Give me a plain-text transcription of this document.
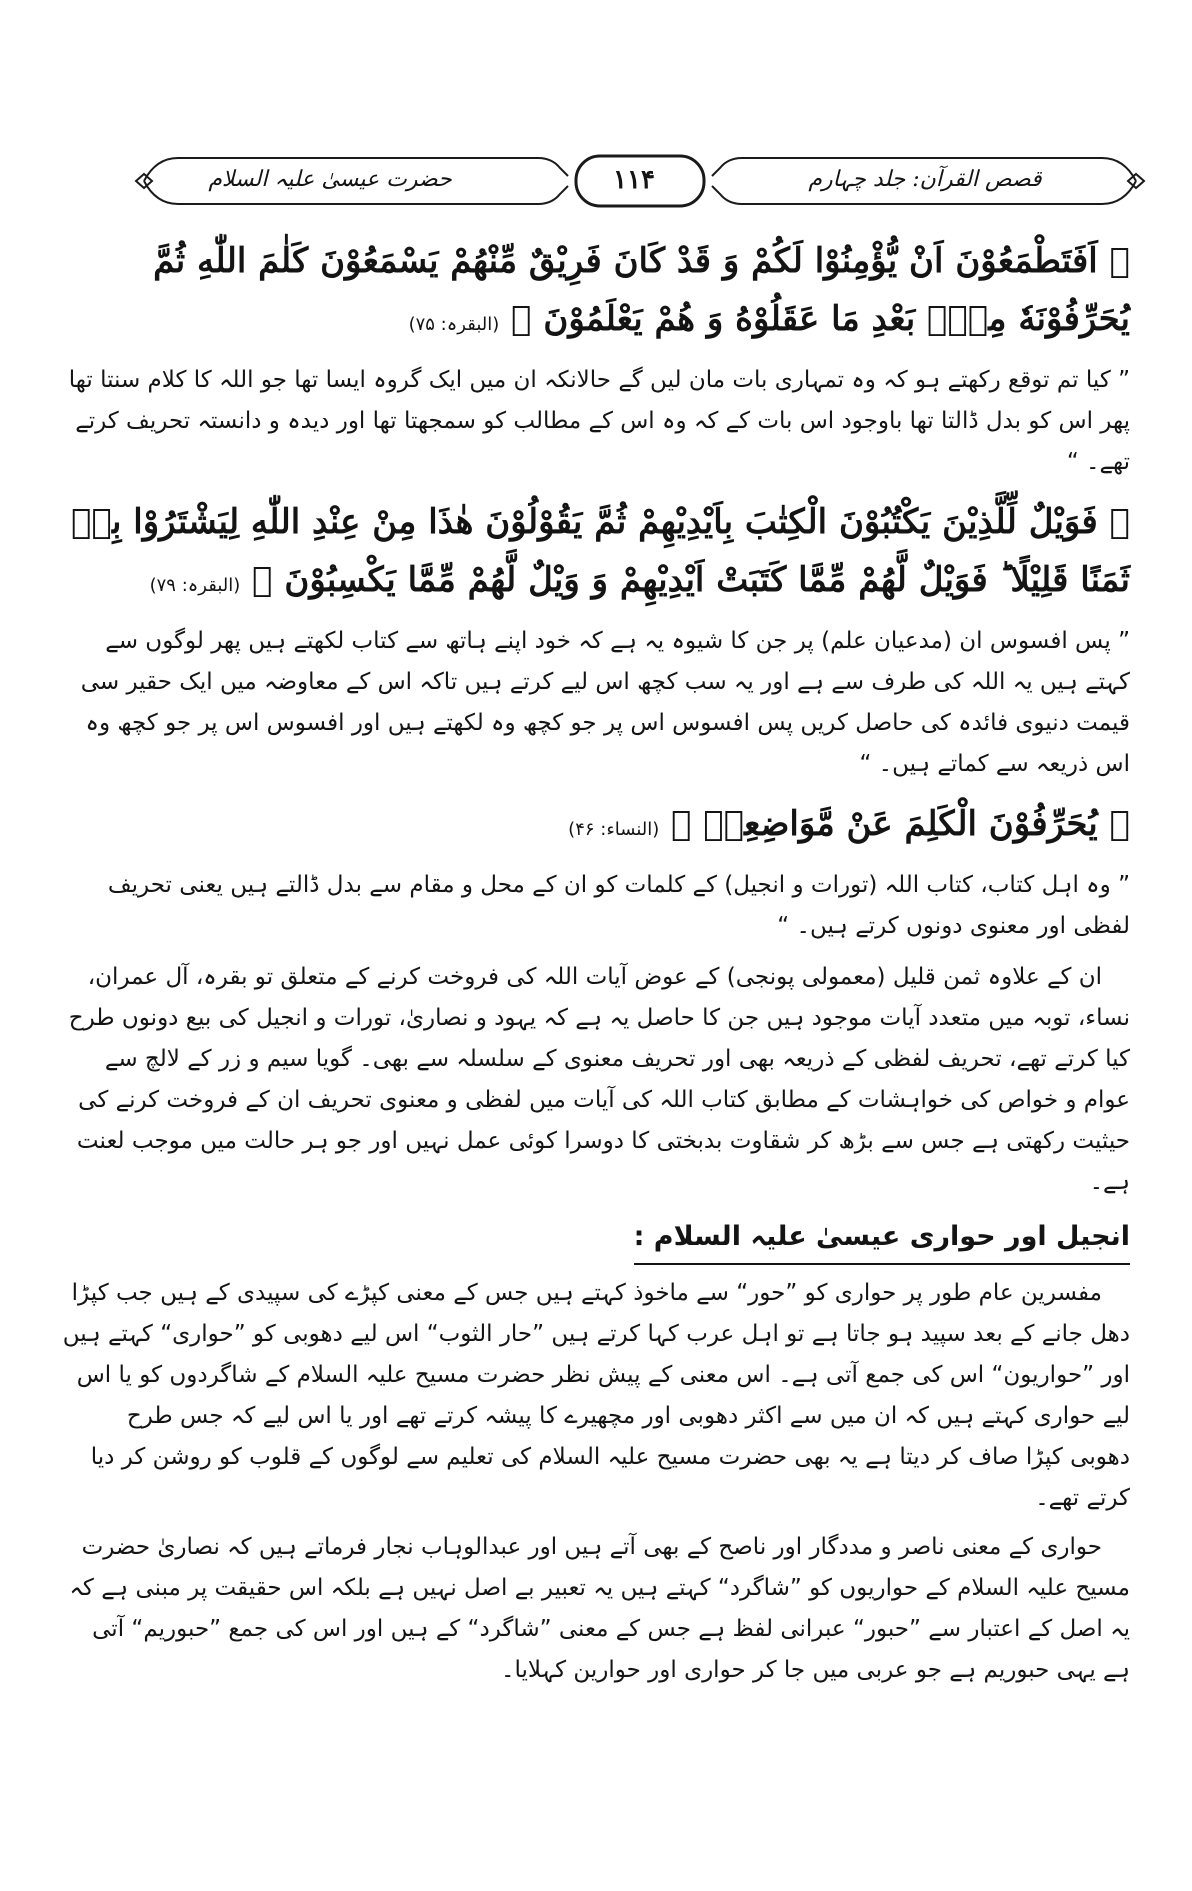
قصص القرآن: جلد چہارم
۱۱۴
حضرت عیسیٰ علیہ السلام

﴿ اَفَتَطْمَعُوْنَ اَنْ یُّؤْمِنُوْا لَكُمْ وَ قَدْ كَانَ فَرِیْقٌ مِّنْهُمْ یَسْمَعُوْنَ كَلٰمَ اللّٰهِ ثُمَّ یُحَرِّفُوْنَهٗ مِنْۢ بَعْدِ مَا عَقَلُوْهُ وَ هُمْ یَعْلَمُوْنَ ﴾ (البقرہ: ۷۵)

” کیا تم توقع رکھتے ہو کہ وہ تمہاری بات مان لیں گے حالانکہ ان میں ایک گروہ ایسا تھا جو اللہ کا کلام سنتا تھا پھر اس کو بدل ڈالتا تھا باوجود اس بات کے کہ وہ اس کے مطالب کو سمجھتا تھا اور دیدہ و دانستہ تحریف کرتے تھے۔ “

﴿ فَوَیْلٌ لِّلَّذِیْنَ یَكْتُبُوْنَ الْكِتٰبَ بِاَیْدِیْهِمْ ثُمَّ یَقُوْلُوْنَ هٰذَا مِنْ عِنْدِ اللّٰهِ لِیَشْتَرُوْا بِهٖ ثَمَنًا قَلِیْلًا ؕ فَوَیْلٌ لَّهُمْ مِّمَّا كَتَبَتْ اَیْدِیْهِمْ وَ وَیْلٌ لَّهُمْ مِّمَّا یَكْسِبُوْنَ ﴾ (البقرہ: ۷۹)

” پس افسوس ان (مدعیان علم) پر جن کا شیوہ یہ ہے کہ خود اپنے ہاتھ سے کتاب لکھتے ہیں پھر لوگوں سے کہتے ہیں یہ اللہ کی طرف سے ہے اور یہ سب کچھ اس لیے کرتے ہیں تاکہ اس کے معاوضہ میں ایک حقیر سی قیمت دنیوی فائدہ کی حاصل کریں پس افسوس اس پر جو کچھ وہ لکھتے ہیں اور افسوس اس پر جو کچھ وہ اس ذریعہ سے کماتے ہیں۔ “

﴿ یُحَرِّفُوْنَ الْكَلِمَ عَنْ مَّوَاضِعِهٖ ﴾ (النساء: ۴۶)

” وہ اہل کتاب، کتاب اللہ (تورات و انجیل) کے کلمات کو ان کے محل و مقام سے بدل ڈالتے ہیں یعنی تحریف لفظی اور معنوی دونوں کرتے ہیں۔ “

ان کے علاوہ ثمن قلیل (معمولی پونجی) کے عوض آیات اللہ کی فروخت کرنے کے متعلق تو بقرہ، آل عمران، نساء، توبہ میں متعدد آیات موجود ہیں جن کا حاصل یہ ہے کہ یہود و نصاریٰ، تورات و انجیل کی بیع دونوں طرح کیا کرتے تھے، تحریف لفظی کے ذریعہ بھی اور تحریف معنوی کے سلسلہ سے بھی۔ گویا سیم و زر کے لالچ سے عوام و خواص کی خواہشات کے مطابق کتاب اللہ کی آیات میں لفظی و معنوی تحریف ان کے فروخت کرنے کی حیثیت رکھتی ہے جس سے بڑھ کر شقاوت بدبختی کا دوسرا کوئی عمل نہیں اور جو ہر حالت میں موجب لعنت ہے۔

انجیل اور حواری عیسیٰ علیہ السلام :

مفسرین عام طور پر حواری کو ”حور“ سے ماخوذ کہتے ہیں جس کے معنی کپڑے کی سپیدی کے ہیں جب کپڑا دھل جانے کے بعد سپید ہو جاتا ہے تو اہل عرب کہا کرتے ہیں ”حار الثوب“ اس لیے دھوبی کو ”حواری“ کہتے ہیں اور ”حواریون“ اس کی جمع آتی ہے۔ اس معنی کے پیش نظر حضرت مسیح علیہ السلام کے شاگردوں کو یا اس لیے حواری کہتے ہیں کہ ان میں سے اکثر دھوبی اور مچھیرے کا پیشہ کرتے تھے اور یا اس لیے کہ جس طرح دھوبی کپڑا صاف کر دیتا ہے یہ بھی حضرت مسیح علیہ السلام کی تعلیم سے لوگوں کے قلوب کو روشن کر دیا کرتے تھے۔

حواری کے معنی ناصر و مددگار اور ناصح کے بھی آتے ہیں اور عبدالوہاب نجار فرماتے ہیں کہ نصاریٰ حضرت مسیح علیہ السلام کے حواریوں کو ”شاگرد“ کہتے ہیں یہ تعبیر بے اصل نہیں ہے بلکہ اس حقیقت پر مبنی ہے کہ یہ اصل کے اعتبار سے ”حبور“ عبرانی لفظ ہے جس کے معنی ”شاگرد“ کے ہیں اور اس کی جمع ”حبوریم“ آتی ہے یہی حبوریم ہے جو عربی میں جا کر حواری اور حوارین کہلایا۔
